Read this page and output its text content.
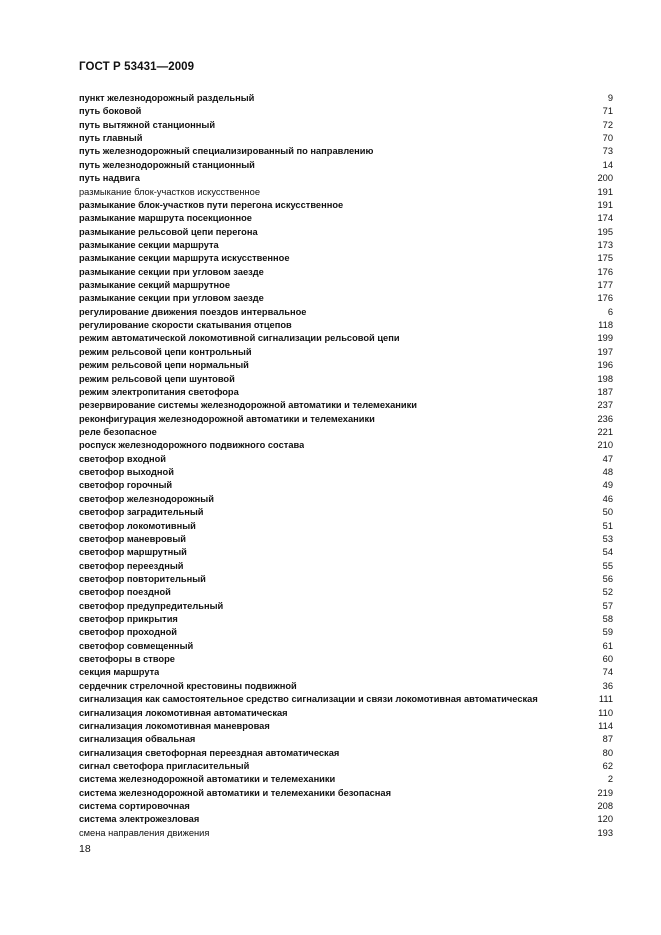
ГОСТ Р 53431—2009
пункт железнодорожный раздельный	9
путь боковой	71
путь вытяжной станционный	72
путь главный	70
путь железнодорожный специализированный по направлению	73
путь железнодорожный станционный	14
путь надвига	200
размыкание блок-участков искусственное	191
размыкание блок-участков пути перегона искусственное	191
размыкание маршрута посекционное	174
размыкание рельсовой цепи перегона	195
размыкание секции маршрута	173
размыкание секции маршрута искусственное	175
размыкание секции при угловом заезде	176
размыкание секций маршрутное	177
размыкание секции при угловом заезде	176
регулирование движения поездов интервальное	6
регулирование скорости скатывания отцепов	118
режим автоматической локомотивной сигнализации рельсовой цепи	199
режим рельсовой цепи контрольный	197
режим рельсовой цепи нормальный	196
режим рельсовой цепи шунтовой	198
режим электропитания светофора	187
резервирование системы железнодорожной автоматики и телемеханики	237
реконфигурация железнодорожной автоматики и телемеханики	236
реле безопасное	221
роспуск железнодорожного подвижного состава	210
светофор входной	47
светофор выходной	48
светофор горочный	49
светофор железнодорожный	46
светофор заградительный	50
светофор локомотивный	51
светофор маневровый	53
светофор маршрутный	54
светофор переездный	55
светофор повторительный	56
светофор поездной	52
светофор предупредительный	57
светофор прикрытия	58
светофор проходной	59
светофор совмещенный	61
светофоры в створе	60
секция маршрута	74
сердечник стрелочной крестовины подвижной	36
сигнализация как самостоятельное средство сигнализации и связи локомотивная автоматическая	111
сигнализация локомотивная автоматическая	110
сигнализация локомотивная маневровая	114
сигнализация обвальная	87
сигнализация светофорная переездная автоматическая	80
сигнал светофора пригласительный	62
система железнодорожной автоматики и телемеханики	2
система железнодорожной автоматики и телемеханики безопасная	219
система сортировочная	208
система электрожезловая	120
смена направления движения	193
18
